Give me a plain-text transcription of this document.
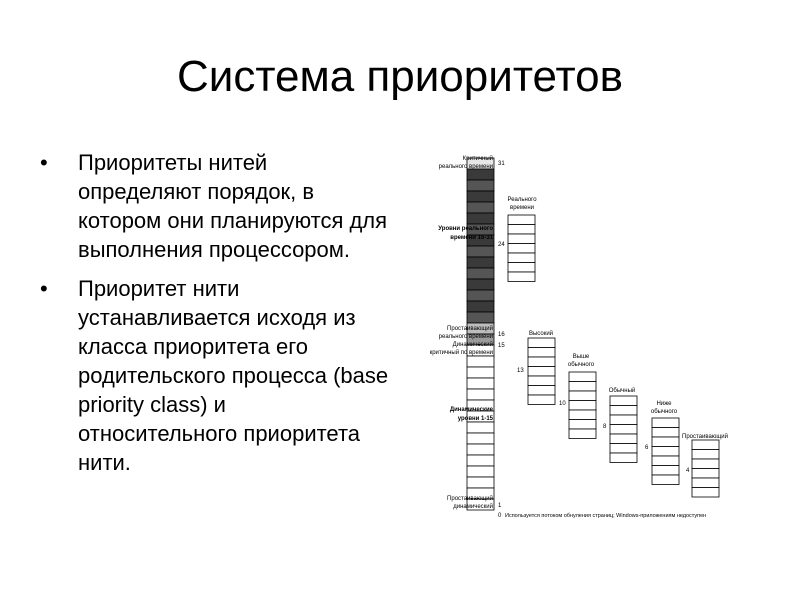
Система приоритетов
• Приоритеты нитей определяют порядок, в котором они планируются для выполнения процессором.
• Приоритет нити устанавливается исходя из класса приоритета его родительского процесса (base priority class) и относительного приоритета нити.
Критичный
реального времени
Уровни реального
времени 16-31
Простаивающий
реального времени
Динамический
критичный по времени
Динамические
уровни 1-15
Простаивающий
динамический
31
24
16
15
1
0 Используется потоком обнуления страниц; Windows-приложениям недоступен
Реального
времени
Высокий
Выше
обычного
Обычный
Ниже
обычного
Простаивающий
13
10
8
6
4
